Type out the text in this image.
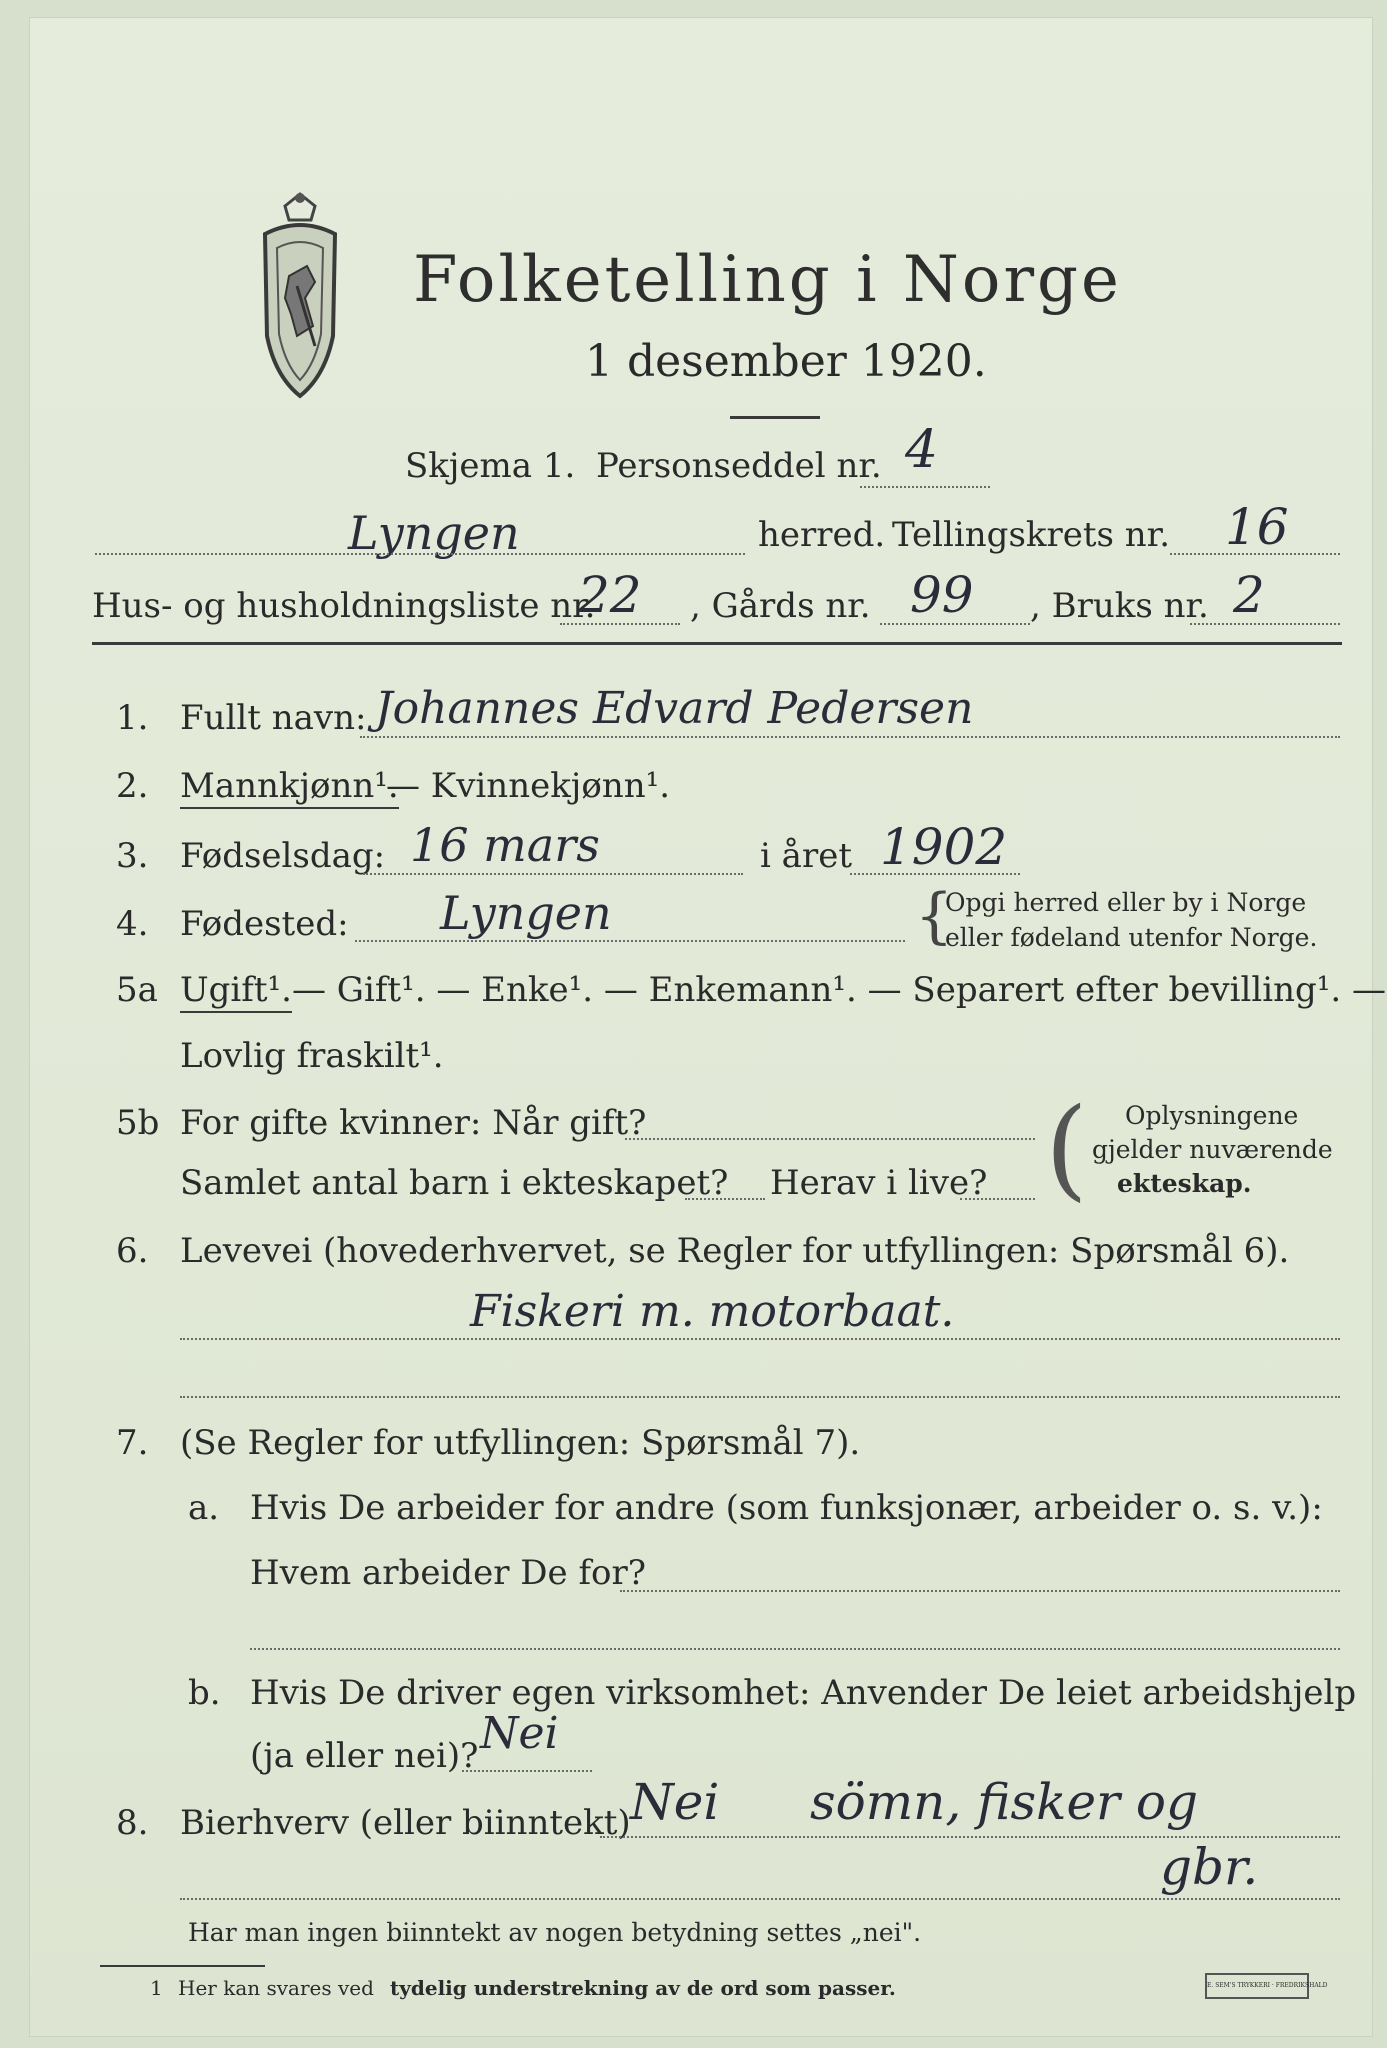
Folketelling i Norge
1 desember 1920.
Skjema 1. Personseddel nr. 4
Lyngen	herred. Tellingskrets nr. 16
Hus- og husholdningsliste nr.
22 , Gårds nr. 99 , Bruks nr. 2
1. Fullt navn: Johannes Edvard Pedersen
2. Mannkjønn¹.
— Kvinnekjønn¹.
3. Fødselsdag: 16 mars	i året 1902
4. Fødested: Lyngen	{
Opgi herred eller by i Norge
eller fødeland utenfor Norge.
5a Ugift¹. — Gift¹. — Enke¹. — Enkemann¹. — Separert efter bevilling¹. —
Lovlig fraskilt¹.
5b For gifte kvinner: Når gift?
Samlet antal barn i ekteskapet? Herav i live? ( Oplysningene
gjelder nuværende
ekteskap.
6. Levevei (hovederhvervet, se Regler for utfyllingen: Spørsmål 6).
Fiskeri m. motorbaat.
7. (Se Regler for utfyllingen: Spørsmål 7).
a. Hvis De arbeider for andre (som funksjonær, arbeider o. s. v.):
Hvem arbeider De for?
b. Hvis De driver egen virksomhet: Anvender De leiet arbeidshjelp
(ja eller nei)? Nei
8. Bierhverv (eller biinntekt) Nei sömn, fisker og
gbr.
Har man ingen biinntekt av nogen betydning settes „nei".
1 Her kan svares ved tydelig understrekning av de ord som passer.	E. SEM'S TRYKKERI · FREDRIKSHALD
